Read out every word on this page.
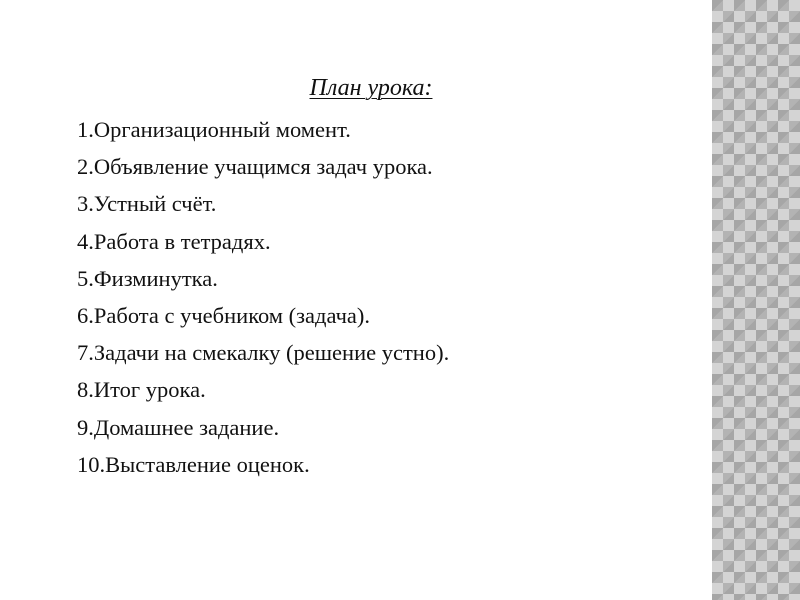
План урока:
1.Организационный момент.
2.Объявление учащимся задач урока.
3.Устный счёт.
4.Работа в тетрадях.
5.Физминутка.
6.Работа с учебником (задача).
7.Задачи на смекалку (решение устно).
8.Итог урока.
9.Домашнее задание.
10.Выставление оценок.
